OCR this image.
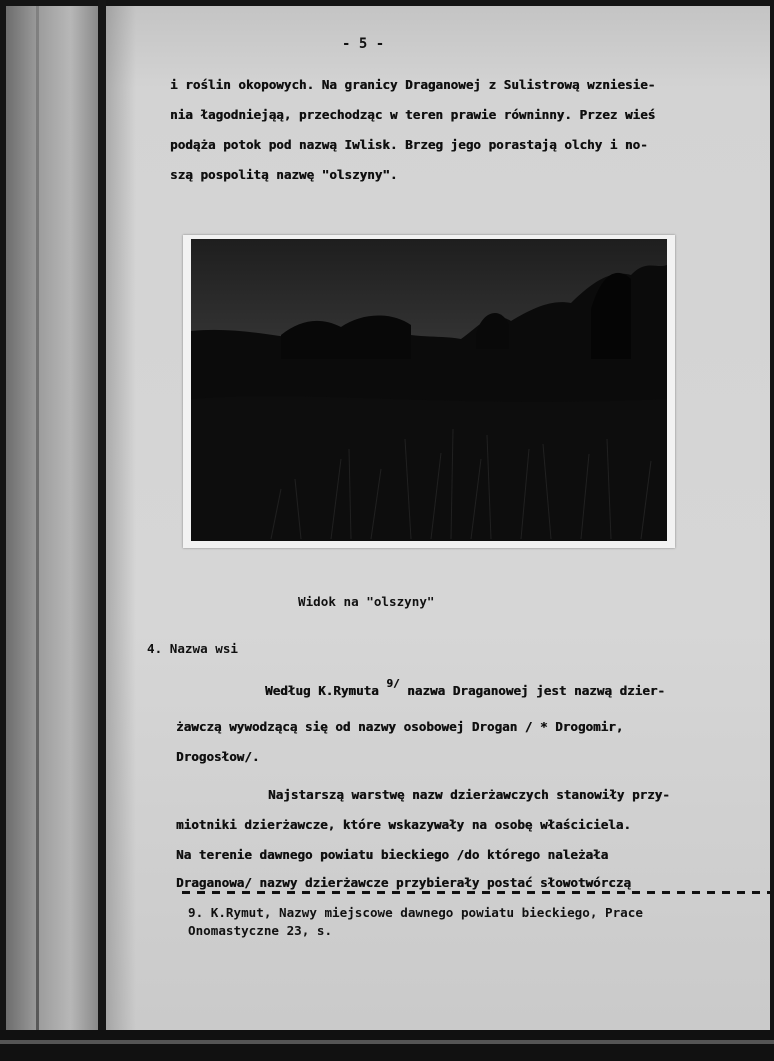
- 5 -
i roślin okopowych. Na granicy Draganowej z Sulistrową wzniesie-
nia łagodniejąą, przechodząc w teren prawie równinny. Przez wieś
podąża potok pod nazwą Iwlisk. Brzeg jego porastają olchy i no-
szą pospolitą nazwę "olszyny".
Widok na "olszyny"
4. Nazwa wsi
Według K.Rymuta 9/ nazwa Draganowej jest nazwą dzier-
żawczą wywodzącą się od nazwy osobowej Drogan / * Drogomir,
Drogosłow/.
Najstarszą warstwę nazw dzierżawczych stanowiły przy-
miotniki dzierżawcze, które wskazywały na osobę właściciela.
Na terenie dawnego powiatu bieckiego /do którego należała
Draganowa/ nazwy dzierżawcze przybierały postać słowotwórczą
9. K.Rymut, Nazwy miejscowe dawnego powiatu bieckiego, Prace
Onomastyczne 23, s.
